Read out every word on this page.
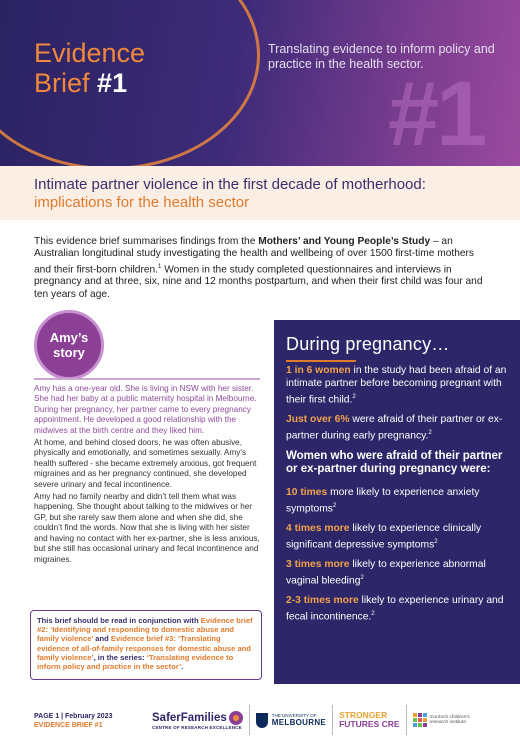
Evidence
Brief #1
Translating evidence to inform policy and practice in the health sector.
#1
Intimate partner violence in the first decade of motherhood:
implications for the health sector
This evidence brief summarises findings from the Mothers’ and Young People’s Study – an Australian longitudinal study investigating the health and wellbeing of over 1500 first-time mothers and their first-born children.$^1$ Women in the study completed questionnaires and interviews in pregnancy and at three, six, nine and 12 months postpartum, and when their first child was four and ten years of age.
Amy’s
story

Amy has a one-year old. She is living in NSW with her sister. She had her baby at a public maternity hospital in Melbourne. During her pregnancy, her partner came to every pregnancy appointment. He developed a good relationship with the midwives at the birth centre and they liked him.

At home, and behind closed doors, he was often abusive, physically and emotionally, and sometimes sexually. Amy’s health suffered - she became extremely anxious, got frequent migraines and as her pregnancy continued, she developed severe urinary and fecal incontinence.

Amy had no family nearby and didn’t tell them what was happening. She thought about talking to the midwives or her GP, but she rarely saw them alone and when she did, she couldn’t find the words. Now that she is living with her sister and having no contact with her ex-partner, she is less anxious, but she still has occasional urinary and fecal incontinence and migraines.

This brief should be read in conjunction with Evidence brief #2: ‘Identifying and responding to domestic abuse and family violence’ and Evidence brief #3: ‘Translating evidence of all-of-family responses for domestic abuse and family violence’, in the series: ‘Translating evidence to inform policy and practice in the sector’.
During pregnancy…
1 in 6 women in the study had been afraid of an intimate partner before becoming pregnant with their first child.$^2$
Just over 6% were afraid of their partner or ex-partner during early pregnancy.$^2$
Women who were afraid of their partner or ex-partner during pregnancy were:
10 times more likely to experience anxiety symptoms$^2$
4 times more likely to experience clinically significant depressive symptoms$^2$
3 times more likely to experience abnormal vaginal bleeding$^2$
2-3 times more likely to experience urinary and fecal incontinence.$^2$
PAGE 1 | February 2023
EVIDENCE BRIEF #1
SaferFamilies
CENTRE OF RESEARCH EXCELLENCE
THE UNIVERSITY OF
MELBOURNE
STRONGER
FUTURES CRE
murdoch children's research institute
